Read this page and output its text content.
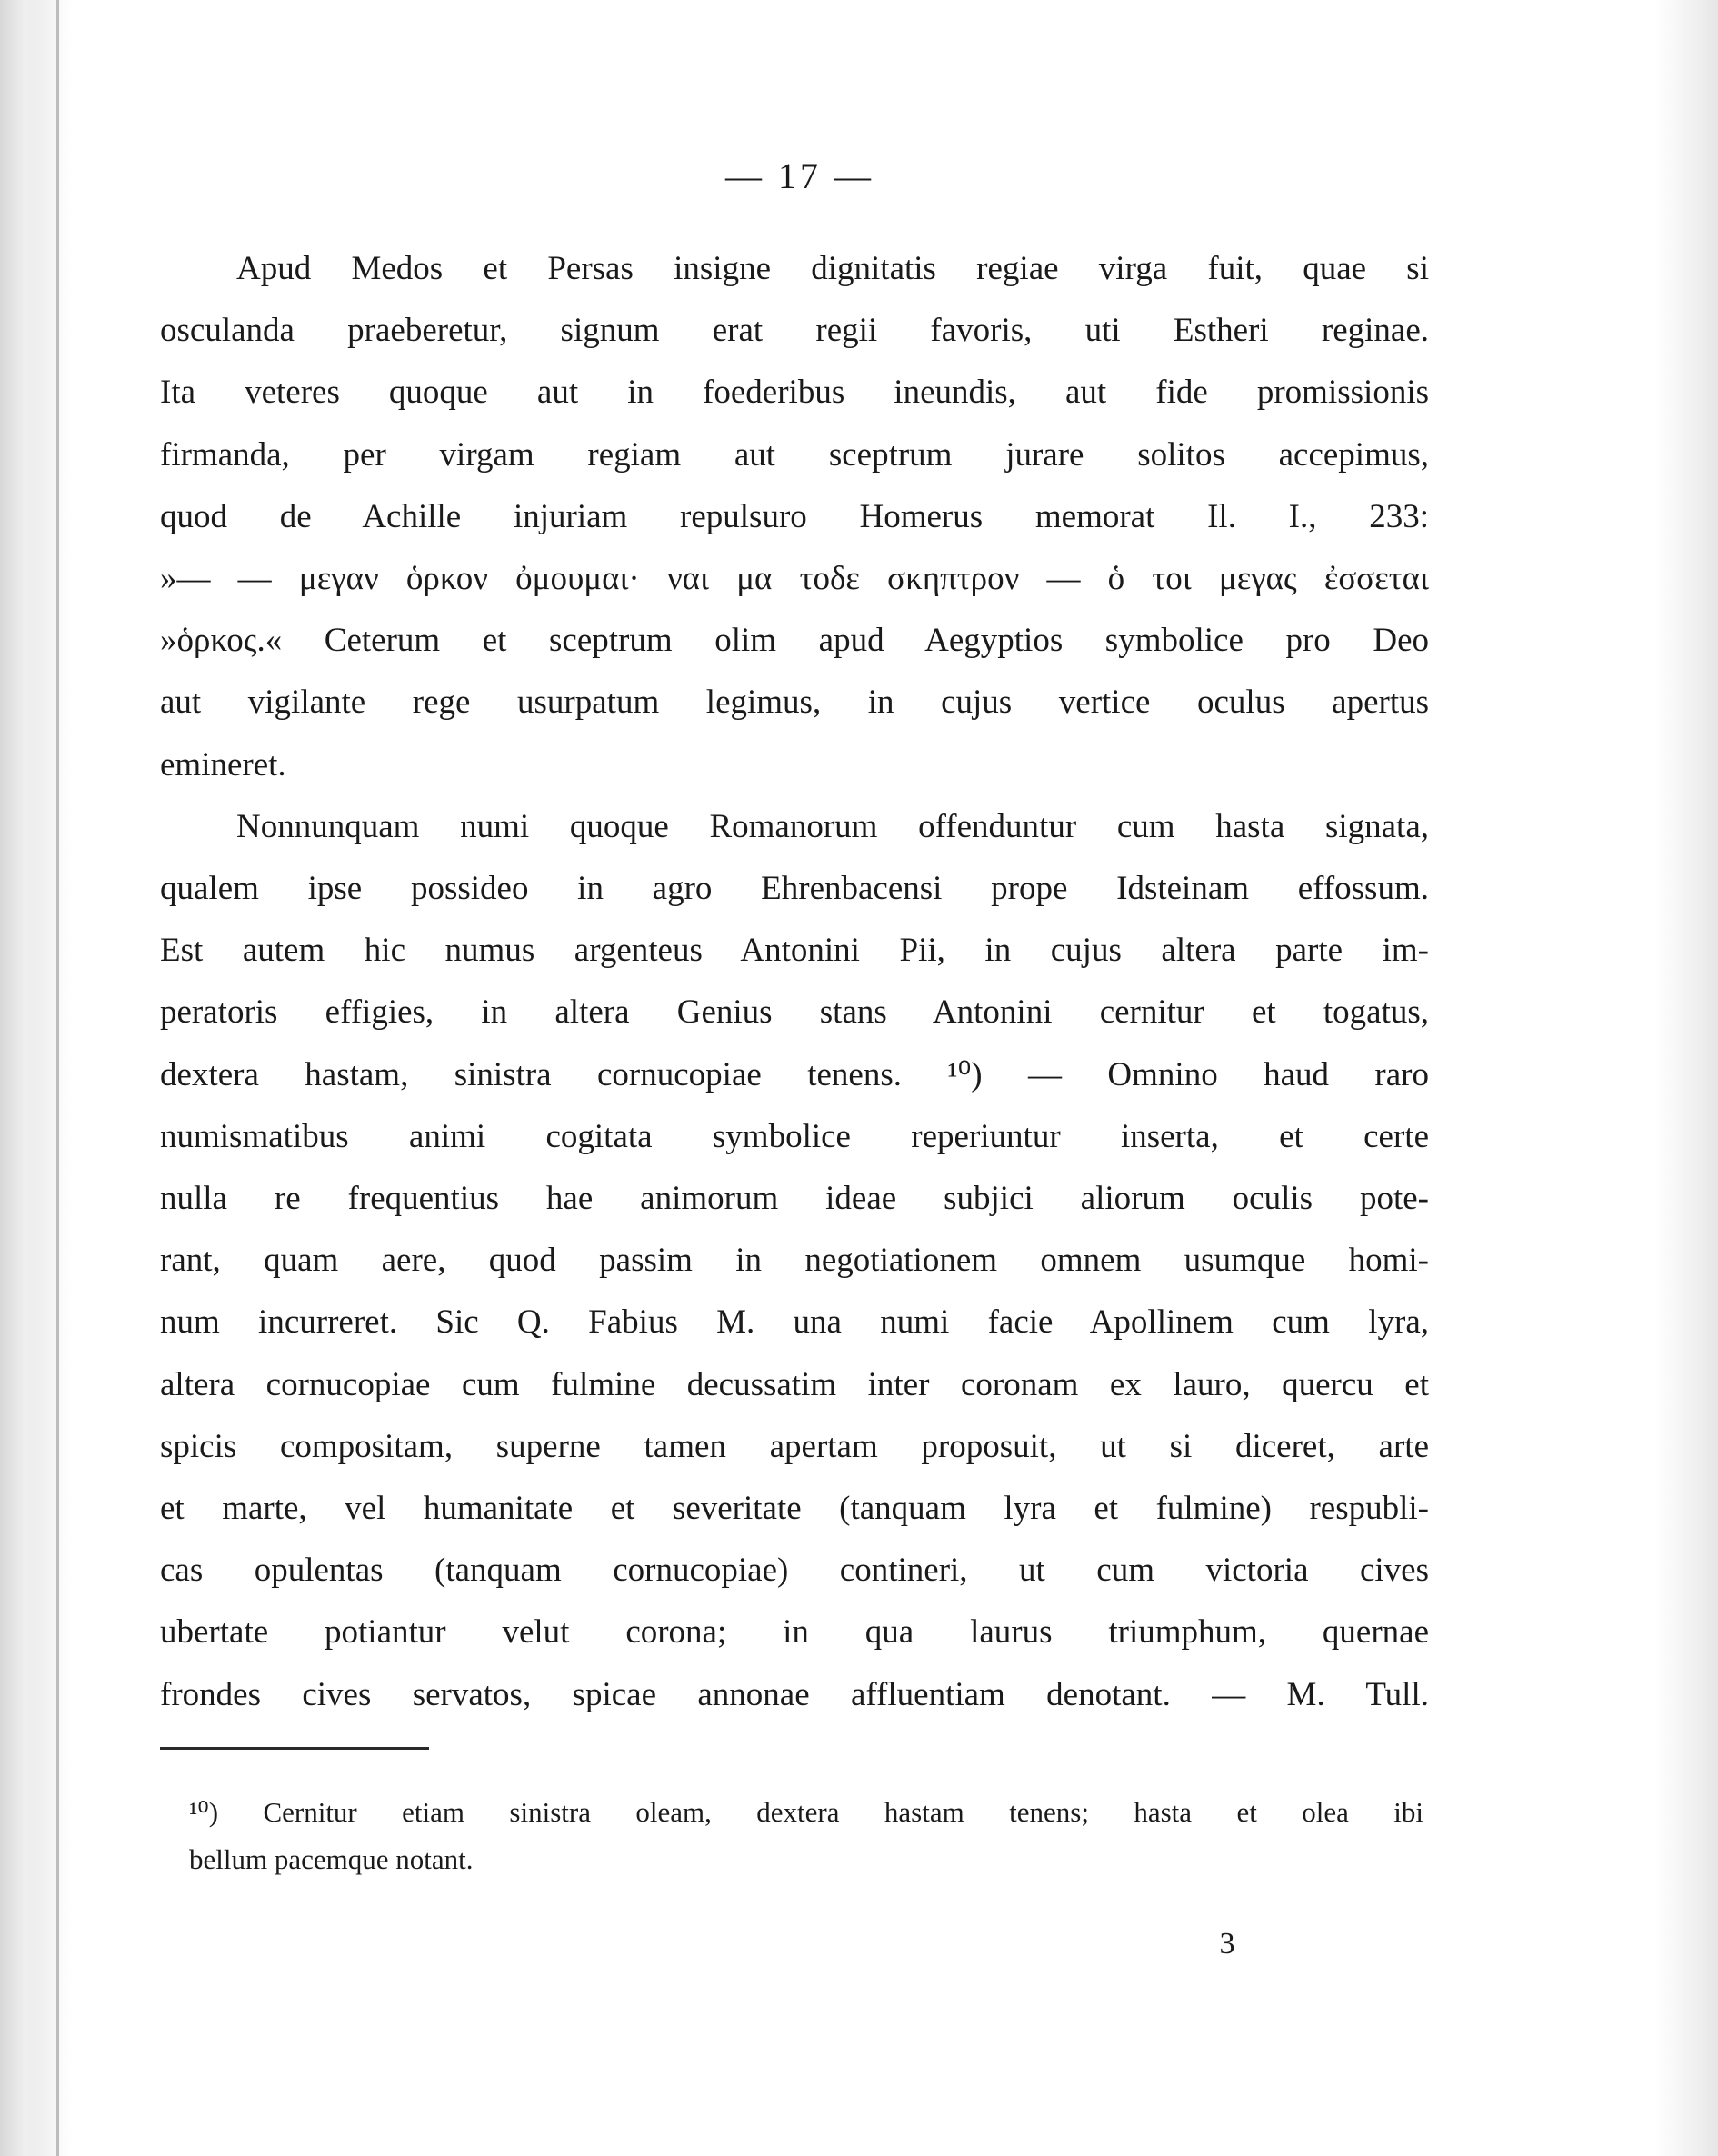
— 17 —

Apud Medos et Persas insigne dignitatis regiae virga fuit, quae si
osculanda praeberetur, signum erat regii favoris, uti Estheri reginae.
Ita veteres quoque aut in foederibus ineundis, aut fide promissionis
firmanda, per virgam regiam aut sceptrum jurare solitos accepimus,
quod de Achille injuriam repulsuro Homerus memorat Il. I., 233:
»— — μεγαν ὁρκον ὀμουμαι· ναι μα τοδε σκηπτρον — ὁ τοι μεγας ἐσσεται
»ὁρκος.« Ceterum et sceptrum olim apud Aegyptios symbolice pro Deo
aut vigilante rege usurpatum legimus, in cujus vertice oculus apertus
emineret.

Nonnunquam numi quoque Romanorum offenduntur cum hasta signata,
qualem ipse possideo in agro Ehrenbacensi prope Idsteinam effossum.
Est autem hic numus argenteus Antonini Pii, in cujus altera parte im-
peratoris effigies, in altera Genius stans Antonini cernitur et togatus,
dextera hastam, sinistra cornucopiae tenens. ¹⁰) — Omnino haud raro
numismatibus animi cogitata symbolice reperiuntur inserta, et certe
nulla re frequentius hae animorum ideae subjici aliorum oculis pote-
rant, quam aere, quod passim in negotiationem omnem usumque homi-
num incurreret. Sic Q. Fabius M. una numi facie Apollinem cum lyra,
altera cornucopiae cum fulmine decussatim inter coronam ex lauro, quercu et
spicis compositam, superne tamen apertam proposuit, ut si diceret, arte
et marte, vel humanitate et severitate (tanquam lyra et fulmine) respubli-
cas opulentas (tanquam cornucopiae) contineri, ut cum victoria cives
ubertate potiantur velut corona; in qua laurus triumphum, quernae
frondes cives servatos, spicae annonae affluentiam denotant. — M. Tull.

¹⁰) Cernitur etiam sinistra oleam, dextera hastam tenens; hasta et olea ibi
bellum pacemque notant.
3
